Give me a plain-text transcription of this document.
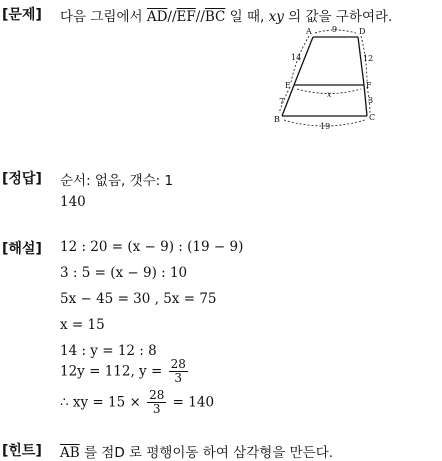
[문제] 다음 그림에서 $\overline{AD}//\overline{EF}//\overline{BC}$ 일 때, xy 의 값을 구하여라.
A	D
E	F
B	C
9
14	12
7	3
x
19
[정답] 순서: 없음, 갯수: 1
140
[해설] 12 : 20 = (x − 9) : (19 − 9)
3 : 5 = (x − 9) : 10
5x − 45 = 30 , 5x = 75
x = 15
14 : y = 12 : 8
12y = 112, $y = \frac{28}{3}$
∴ xy = $15 \times \frac{28}{3} = 140$
[힌트] $\overline{AB}$ 를 점D 로 평행이동 하여 삼각형을 만든다.
